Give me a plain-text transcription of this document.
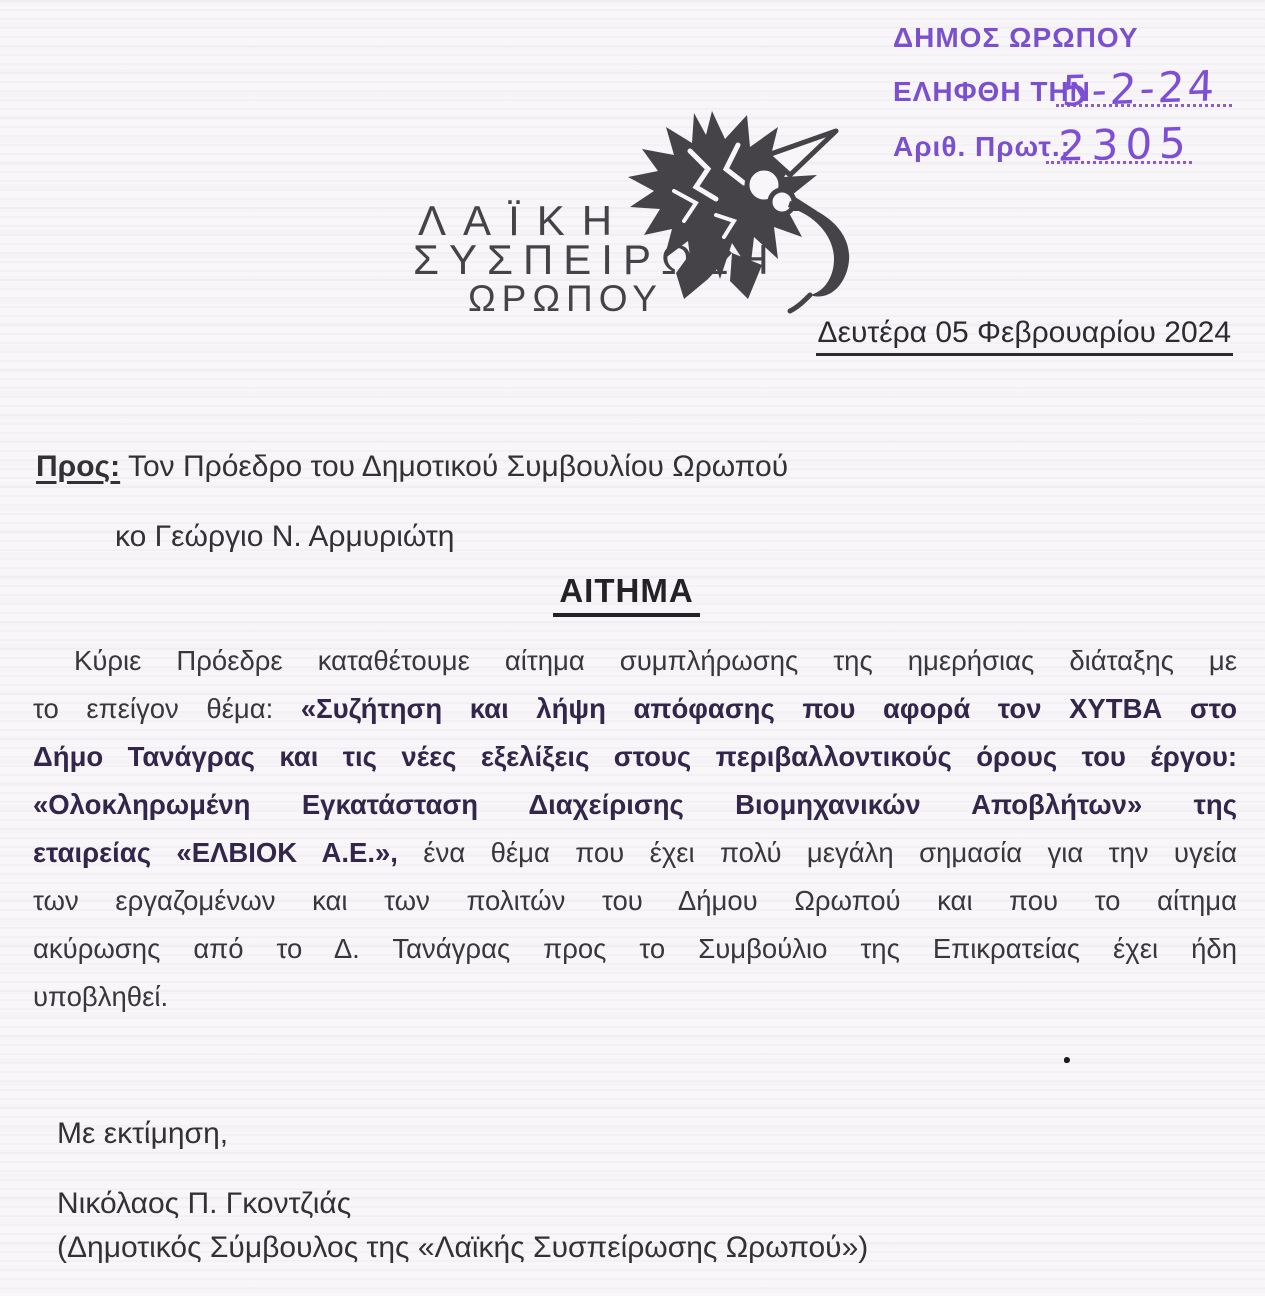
ΔΗΜΟΣ ΩΡΩΠΟΥ
ΕΛΗΦΘΗ ΤΗΝ
5-2-24
Αριθ. Πρωτ.:
2305
ΛΑΪΚΗ
ΣΥΣΠΕΙΡΩΣΗ
ΩΡΩΠΟΥ
Δευτέρα 05 Φεβρουαρίου 2024
Προς: Τον Πρόεδρο του Δημοτικού Συμβουλίου Ωρωπού
κο Γεώργιο Ν. Αρμυριώτη
ΑΙΤΗΜΑ
Κύριε Πρόεδρε καταθέτουμε αίτημα συμπλήρωσης της ημερήσιας διάταξης με
το επείγον θέμα: «Συζήτηση και λήψη απόφασης που αφορά τον ΧΥΤΒΑ στο
Δήμο Τανάγρας και τις νέες εξελίξεις στους περιβαλλοντικούς όρους του έργου:
«Ολοκληρωμένη Εγκατάσταση Διαχείρισης Βιομηχανικών Αποβλήτων» της
εταιρείας «ΕΛΒΙΟΚ Α.Ε.», ένα θέμα που έχει πολύ μεγάλη σημασία για την υγεία
των εργαζομένων και των πολιτών του Δήμου Ωρωπού και που το αίτημα
ακύρωσης από το Δ. Τανάγρας προς το Συμβούλιο της Επικρατείας έχει ήδη
υποβληθεί.
Με εκτίμηση,
Νικόλαος Π. Γκοντζιάς
(Δημοτικός Σύμβουλος της «Λαϊκής Συσπείρωσης Ωρωπού»)
